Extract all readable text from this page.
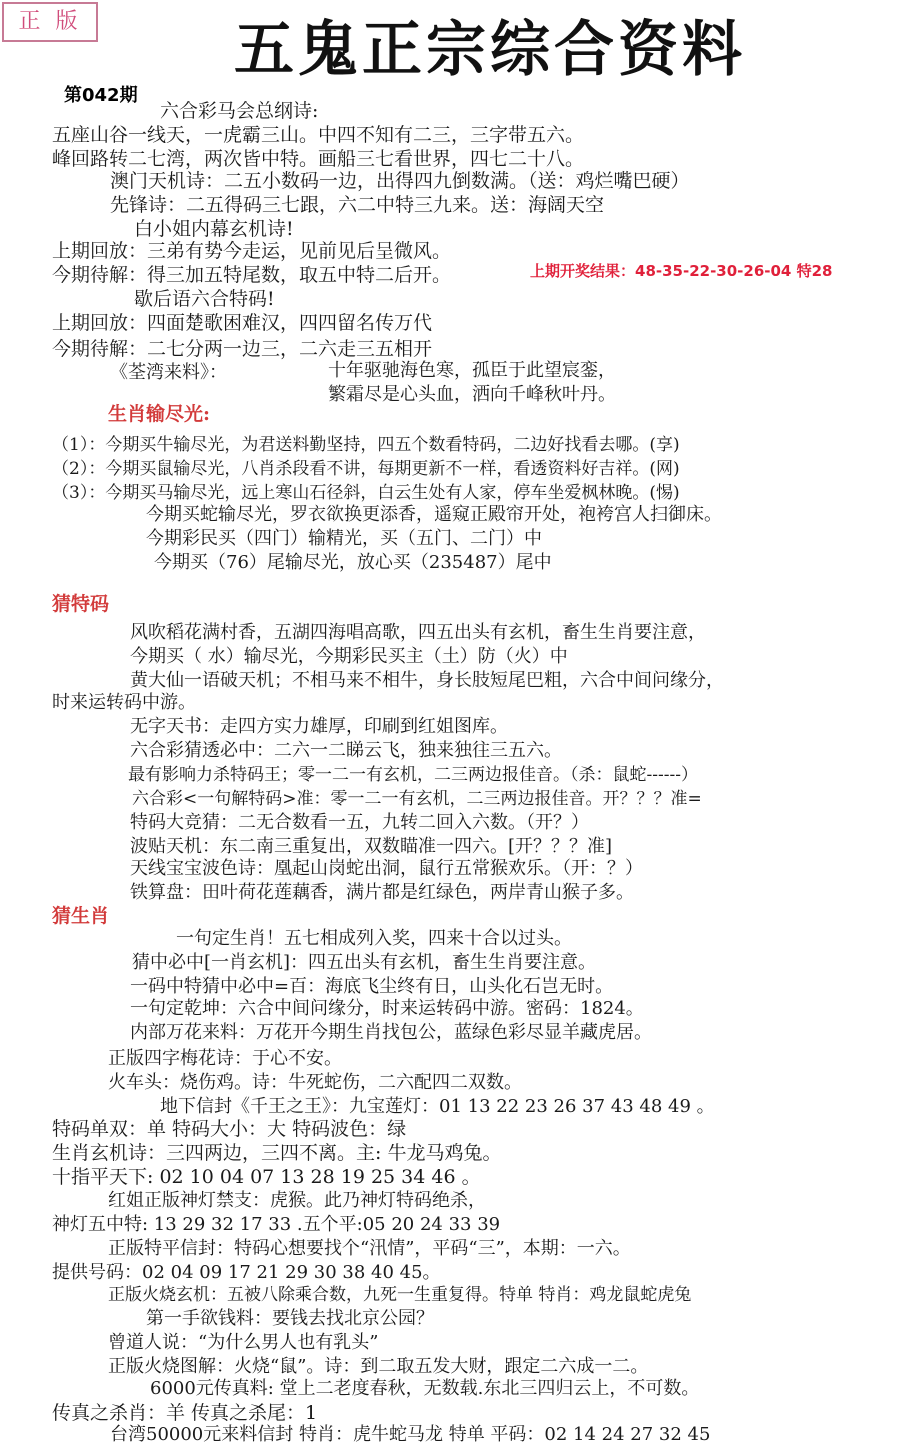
正 版	五鬼正宗综合资料
第042期
上期开奖结果：48-35-22-30-26-04 特28
六合彩马会总纲诗:
五座山谷一线天，一虎霸三山。中四不知有二三，三字带五六。
峰回路转二七湾，两次皆中特。画船三七看世界，四七二十八。
澳门天机诗：二五小数码一边，出得四九倒数满。（送：鸡烂嘴巴硬）
先锋诗：二五得码三七跟，六二中特三九来。送：海阔天空
白小姐内幕玄机诗!
上期回放：三弟有势今走运，见前见后呈微风。
今期待解：得三加五特尾数，取五中特二后开。
歇后语六合特码!
上期回放：四面楚歌困难汉，四四留名传万代
今期待解：二七分两一边三，二六走三五相开
《荃湾来料》：	十年驱驰海色寒，孤臣于此望宸銮，
繁霜尽是心头血，洒向千峰秋叶丹。
生肖输尽光:
（1）：今期买牛输尽光，为君送料勤坚持，四五个数看特码，二边好找看去哪。(享)
（2）：今期买鼠输尽光，八肖杀段看不讲，每期更新不一样，看透资料好吉祥。(网)
（3）：今期买马输尽光，远上寒山石径斜，白云生处有人家，停车坐爱枫林晚。(惕)
今期买蛇输尽光，罗衣欲换更添香，遥窥正殿帘开处，袍袴宫人扫御床。
今期彩民买（四门）输精光，买（五门、二门）中
今期买（76）尾输尽光，放心买（235487）尾中
猜特码
风吹稻花满村香，五湖四海唱高歌，四五出头有玄机，畜生生肖要注意，
今期买（ 水）输尽光，今期彩民买主（土）防（火）中
黄大仙一语破天机；不相马来不相牛，身长肢短尾巴粗，六合中间问缘分，
时来运转码中游。
无字天书：走四方实力雄厚，印刷到红姐图库。
六合彩猜透必中：二六一二睇云飞，独来独往三五六。
最有影响力杀特码王；零一二一有玄机，二三两边报佳音。（杀：鼠蛇------）
六合彩<一句解特码>准：零一二一有玄机，二三两边报佳音。开？？？准=
特码大竞猜：二无合数看一五，九转二回入六数。（开？）
波贴天机：东二南三重复出，双数瞄准一四六。[开？？？准]
天线宝宝波色诗：凰起山岗蛇出洞，鼠行五常猴欢乐。（开：？）
铁算盘：田叶荷花莲藕香，满片都是红绿色，两岸青山猴子多。
猜生肖
一句定生肖！五七相成列入奖，四来十合以过头。
猜中必中[一肖玄机]：四五出头有玄机，畜生生肖要注意。
一码中特猜中必中=百：海底飞尘终有日，山头化石岂无时。
一句定乾坤：六合中间问缘分，时来运转码中游。密码：1824。
内部万花来料：万花开今期生肖找包公，蓝绿色彩尽显羊藏虎居。
正版四字梅花诗：于心不安。
火车头：烧伤鸡。诗：牛死蛇伤，二六配四二双数。
地下信封《千王之王》：九宝莲灯：01 13 22 23 26 37 43 48 49 。
特码单双：单 特码大小：大 特码波色：绿
生肖玄机诗：三四两边，三四不离。主: 牛龙马鸡兔。
十指平天下: 02 10 04 07 13 28 19 25 34 46 。
红姐正版神灯禁支：虎猴。此乃神灯特码绝杀，
神灯五中特: 13 29 32 17 33 .五个平:05 20 24 33 39
正版特平信封：特码心想要找个“汛情”，平码“三”，本期：一六。
提供号码：02 04 09 17 21 29 30 38 40 45。
正版火烧玄机：五被八除乘合数，九死一生重复得。特单 特肖：鸡龙鼠蛇虎兔
第一手欲钱料：要钱去找北京公园？
曾道人说：“为什么男人也有乳头”
正版火烧图解：火烧“鼠”。诗：到二取五发大财，跟定二六成一二。
6000元传真料: 堂上二老度春秋，无数载.东北三四归云上，不可数。
传真之杀肖：羊 传真之杀尾：1
台湾50000元来料信封 特肖：虎牛蛇马龙 特单 平码：02 14 24 27 32 45
